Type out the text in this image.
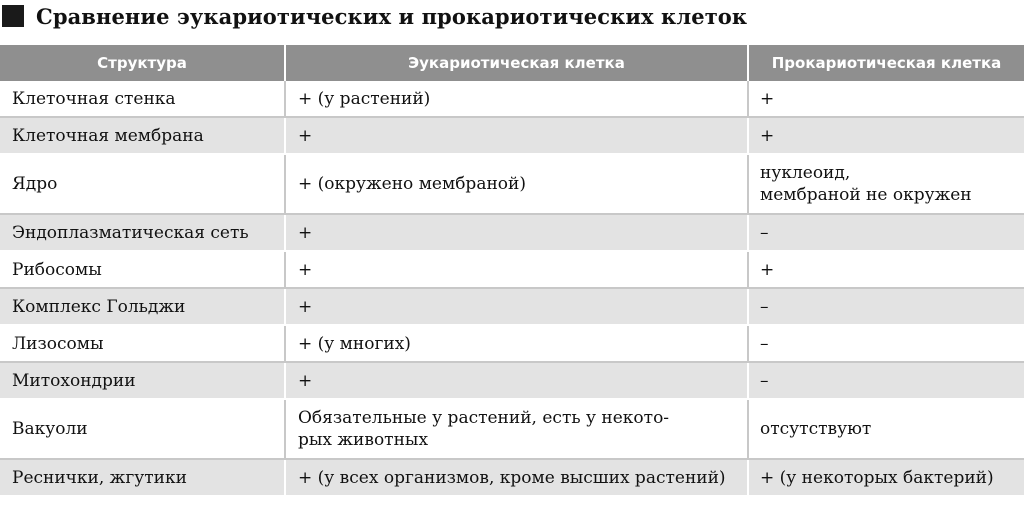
Сравнение эукариотических и прокариотических клеток
Структура	Эукариотическая клетка	Прокариотическая клетка
Клеточная стенка	+ (у растений)	+
Клеточная мембрана	+	+
Ядро	+ (окружено мембраной)	нуклеоид,
мембраной не окружен
Эндоплазматическая сеть	+	–
Рибосомы	+	+
Комплекс Гольджи	+	–
Лизосомы	+ (у многих)	–
Митохондрии	+	–
Вакуоли	Обязательные у растений, есть у некото-
рых животных	отсутствуют
Реснички, жгутики	+ (у всех организмов, кроме высших растений)	+ (у некоторых бактерий)
